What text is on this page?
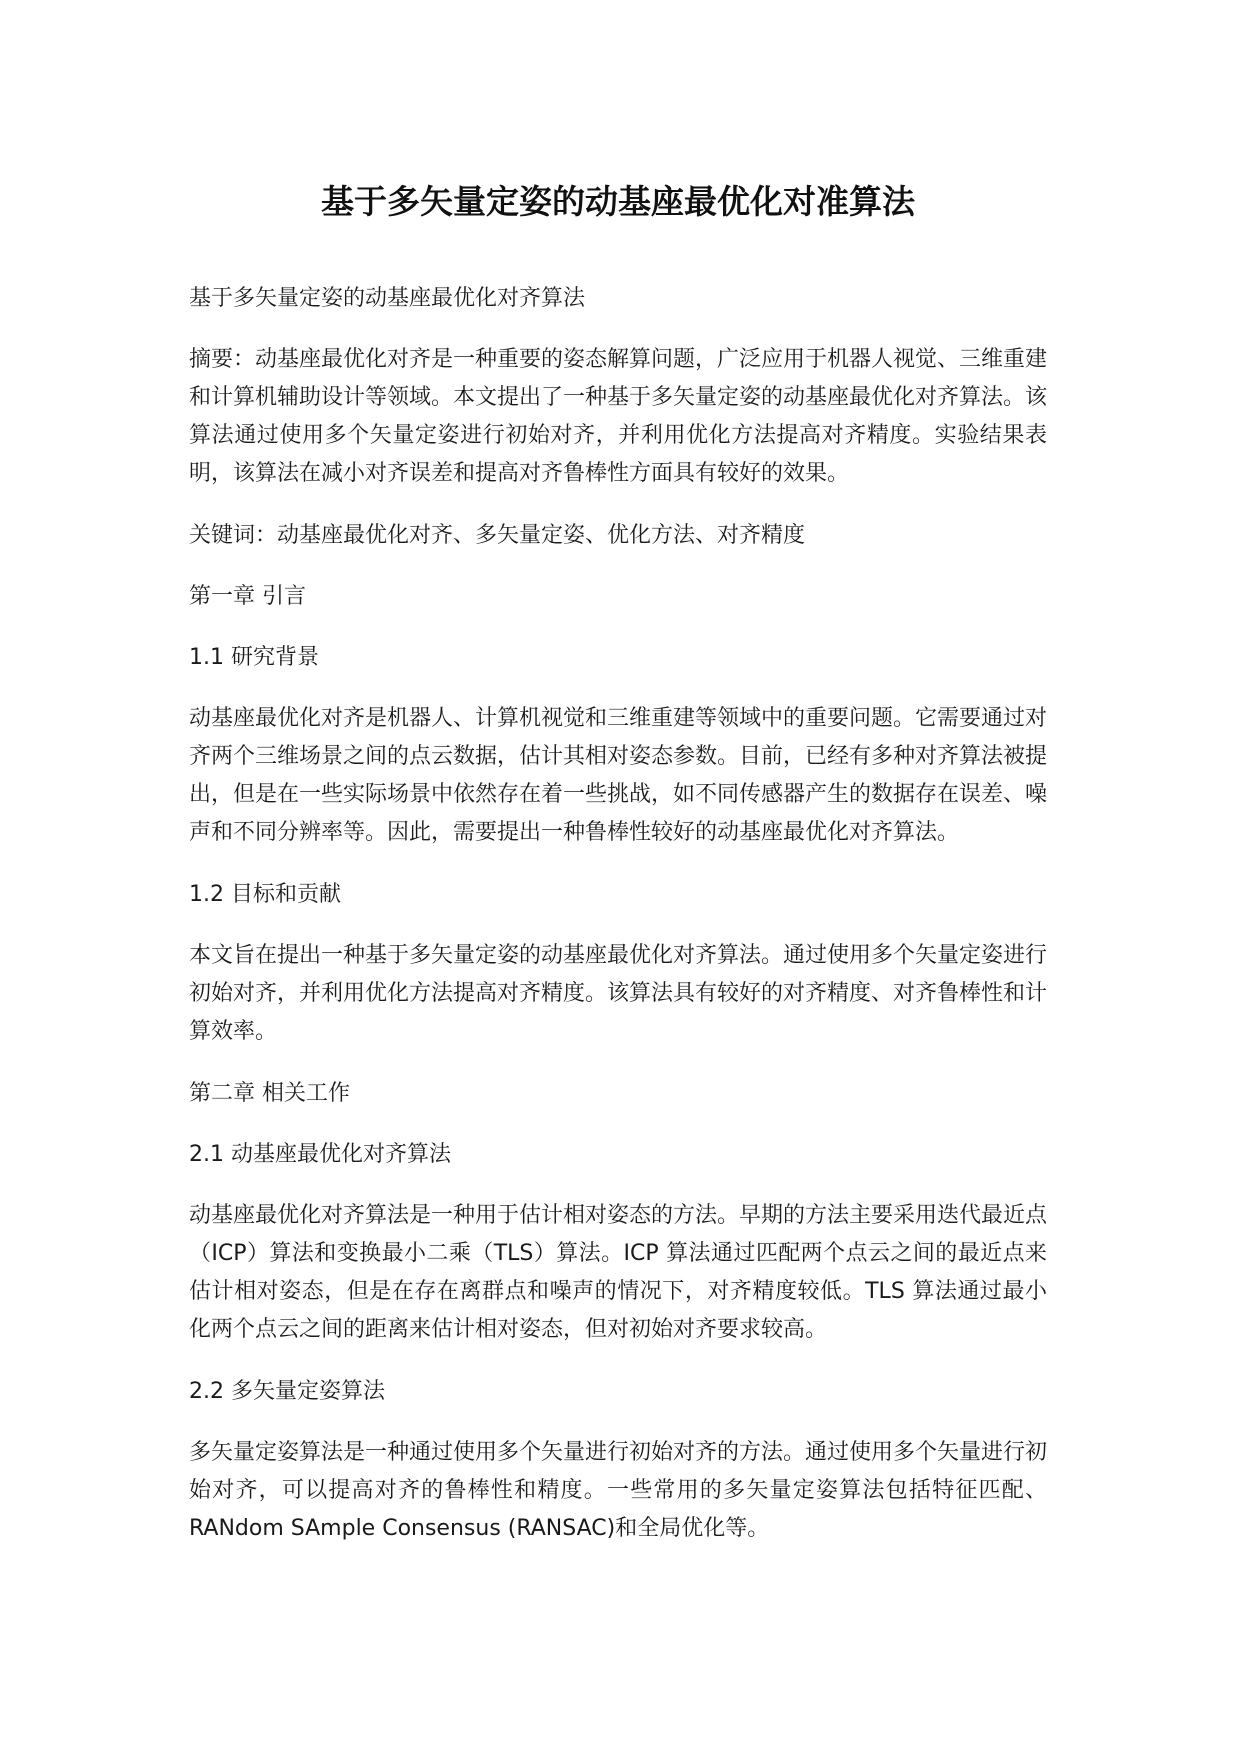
基于多矢量定姿的动基座最优化对准算法

基于多矢量定姿的动基座最优化对齐算法

摘要：动基座最优化对齐是一种重要的姿态解算问题，广泛应用于机器人视觉、三维重建和计算机辅助设计等领域。本文提出了一种基于多矢量定姿的动基座最优化对齐算法。该算法通过使用多个矢量定姿进行初始对齐，并利用优化方法提高对齐精度。实验结果表明，该算法在减小对齐误差和提高对齐鲁棒性方面具有较好的效果。

关键词：动基座最优化对齐、多矢量定姿、优化方法、对齐精度

第一章 引言

1.1 研究背景

动基座最优化对齐是机器人、计算机视觉和三维重建等领域中的重要问题。它需要通过对齐两个三维场景之间的点云数据，估计其相对姿态参数。目前，已经有多种对齐算法被提出，但是在一些实际场景中依然存在着一些挑战，如不同传感器产生的数据存在误差、噪声和不同分辨率等。因此，需要提出一种鲁棒性较好的动基座最优化对齐算法。

1.2 目标和贡献

本文旨在提出一种基于多矢量定姿的动基座最优化对齐算法。通过使用多个矢量定姿进行初始对齐，并利用优化方法提高对齐精度。该算法具有较好的对齐精度、对齐鲁棒性和计算效率。

第二章 相关工作

2.1 动基座最优化对齐算法

动基座最优化对齐算法是一种用于估计相对姿态的方法。早期的方法主要采用迭代最近点（ICP）算法和变换最小二乘（TLS）算法。ICP 算法通过匹配两个点云之间的最近点来估计相对姿态，但是在存在离群点和噪声的情况下，对齐精度较低。TLS 算法通过最小化两个点云之间的距离来估计相对姿态，但对初始对齐要求较高。

2.2 多矢量定姿算法

多矢量定姿算法是一种通过使用多个矢量进行初始对齐的方法。通过使用多个矢量进行初始对齐，可以提高对齐的鲁棒性和精度。一些常用的多矢量定姿算法包括特征匹配、RANdom SAmple Consensus (RANSAC)和全局优化等。
